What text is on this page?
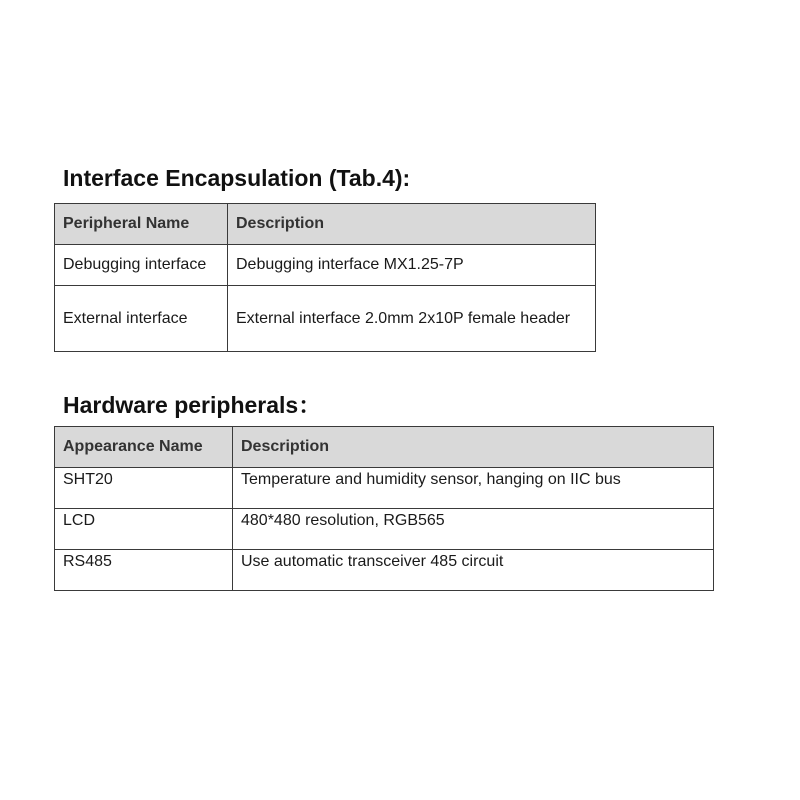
Interface Encapsulation (Tab.4):
Peripheral Name	Description
Debugging interface	Debugging interface MX1.25-7P
External interface	External interface 2.0mm 2x10P female header
Hardware peripherals：
Appearance Name	Description
SHT20	Temperature and humidity sensor, hanging on IIC bus
LCD	480*480 resolution, RGB565
RS485	Use automatic transceiver 485 circuit
